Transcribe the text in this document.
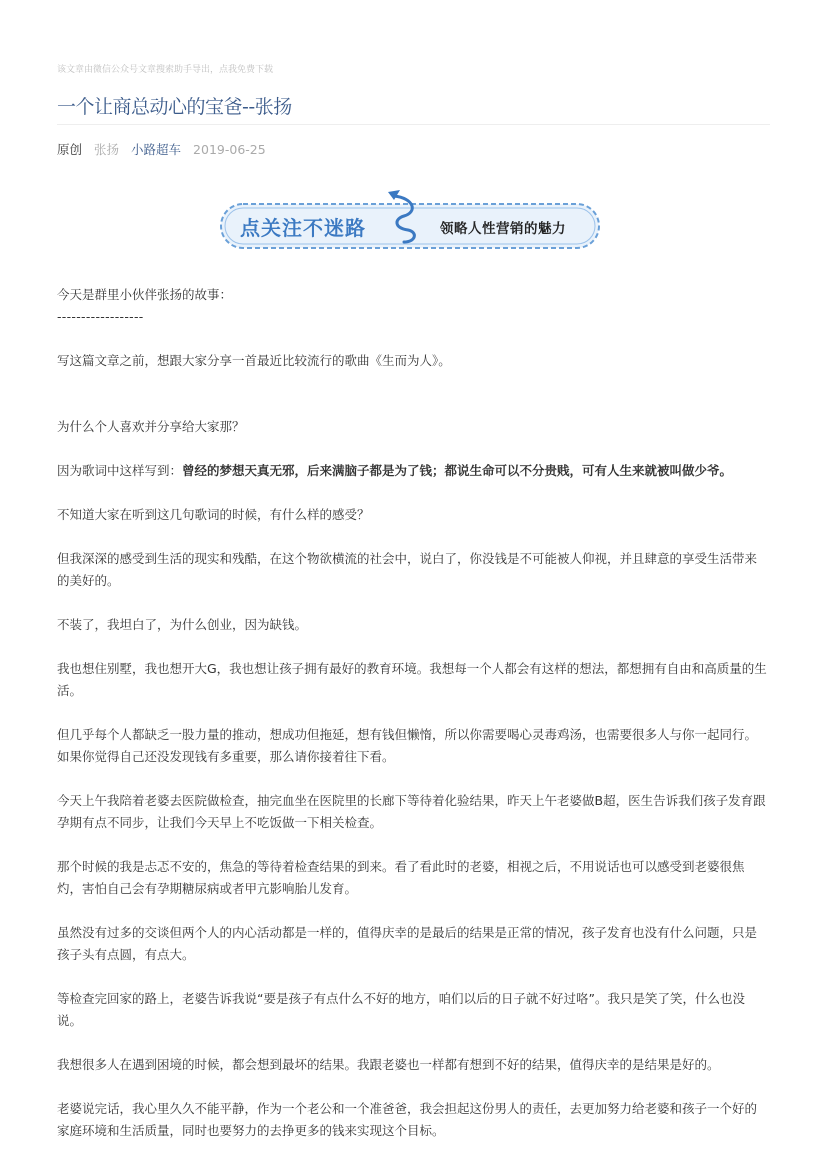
该文章由微信公众号文章搜索助手导出，点我免费下载
一个让商总动心的宝爸--张扬
原创 张扬 小路超车 2019-06-25
点关注不迷路	领略人性营销的魅力

今天是群里小伙伴张扬的故事：

------------------

写这篇文章之前，想跟大家分享一首最近比较流行的歌曲《生而为人》。

为什么个人喜欢并分享给大家那？

因为歌词中这样写到：曾经的梦想天真无邪，后来满脑子都是为了钱；都说生命可以不分贵贱，可有人生来就被叫做少爷。

不知道大家在听到这几句歌词的时候，有什么样的感受？

但我深深的感受到生活的现实和残酷，在这个物欲横流的社会中，说白了，你没钱是不可能被人仰视，并且肆意的享受生活带来的美好的。

不装了，我坦白了，为什么创业，因为缺钱。

我也想住别墅，我也想开大G，我也想让孩子拥有最好的教育环境。我想每一个人都会有这样的想法，都想拥有自由和高质量的生活。

但几乎每个人都缺乏一股力量的推动，想成功但拖延，想有钱但懒惰，所以你需要喝心灵毒鸡汤，也需要很多人与你一起同行。如果你觉得自己还没发现钱有多重要，那么请你接着往下看。

今天上午我陪着老婆去医院做检查，抽完血坐在医院里的长廊下等待着化验结果，昨天上午老婆做B超，医生告诉我们孩子发育跟孕期有点不同步，让我们今天早上不吃饭做一下相关检查。

那个时候的我是忐忑不安的，焦急的等待着检查结果的到来。看了看此时的老婆，相视之后，不用说话也可以感受到老婆很焦灼，害怕自己会有孕期糖尿病或者甲亢影响胎儿发育。

虽然没有过多的交谈但两个人的内心活动都是一样的，值得庆幸的是最后的结果是正常的情况，孩子发育也没有什么问题，只是孩子头有点圆，有点大。

等检查完回家的路上，老婆告诉我说“要是孩子有点什么不好的地方，咱们以后的日子就不好过咯”。我只是笑了笑，什么也没说。

我想很多人在遇到困境的时候，都会想到最坏的结果。我跟老婆也一样都有想到不好的结果，值得庆幸的是结果是好的。

老婆说完话，我心里久久不能平静，作为一个老公和一个准爸爸，我会担起这份男人的责任，去更加努力给老婆和孩子一个好的家庭环境和生活质量，同时也要努力的去挣更多的钱来实现这个目标。
